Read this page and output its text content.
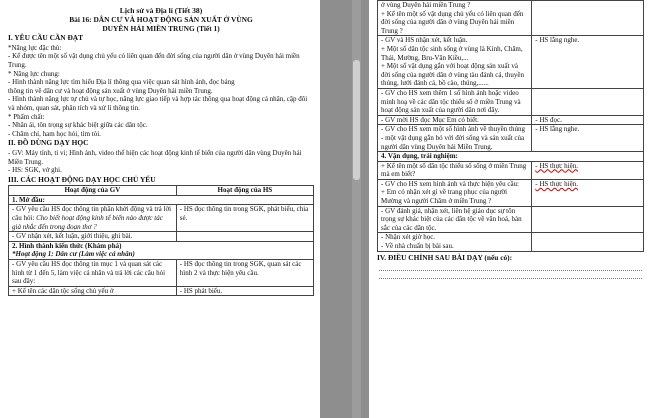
Lịch sử và Địa lí (Tiết 38)

Bài 16: DÂN CƯ VÀ HOẠT ĐỘNG SẢN XUẤT Ở VÙNG

DUYÊN HẢI MIỀN TRUNG (Tiết 1)

I. YÊU CẦU CẦN ĐẠT

*Năng lực đặc thù:

- Kể được tên một số vật dụng chủ yếu có liên quan đến đời sống của người dân ở vùng Duyên hải miền Trung.

* Năng lực chung:

- Hình thành năng lực tìm hiểu Địa lí thông qua việc quan sát hình ảnh, đọc bảng

thông tin về dân cư và hoạt động sản xuất ở vùng Duyên hải miền Trung.

- Hình thành năng lực tự chủ và tự học, năng lực giao tiếp và hợp tác thông qua hoạt động cá nhân, cặp đôi và nhóm, quan sát, phân tích và xử lí thông tin.

* Phẩm chất:

- Nhân ái, tôn trọng sự khác biệt giữa các dân tộc.

- Chăm chỉ, ham học hỏi, tìm tòi.

II. ĐỒ DÙNG DẠY HỌC

- GV: Máy tính, ti vi; Hình ảnh, video thể hiện các hoạt động kinh tế biển của người dân vùng Duyên hải Miền Trung.

- HS: SGK, vở ghi.

III. CÁC HOẠT ĐỘNG DẠY HỌC CHỦ YẾU

Hoạt động của GV	Hoạt động của HS
1. Mở đầu:	
- GV yêu cầu HS đọc thông tin phần khởi động và trả lời câu hỏi: Cho biết hoạt động kinh tế biển nào được tác giả nhắc đến trong đoạn thơ ?	- HS đọc thông tin trong SGK, phát biểu, chia sẻ.
- GV nhận xét, kết luận, giới thiệu, ghi bài.	

2. Hình thành kiến thức (Khám phá)
*Hoạt động 1: Dân cư (Làm việc cá nhân)	

- GV yêu cầu HS đọc thông tin mục 1 và quan sát các hình từ 1 đến 5, làm việc cá nhân và trả lời các câu hỏi sau đây:	- HS đọc thông tin trong SGK, quan sát các hình 2 và thực hiện yêu cầu.
+ Kể tên các dân tộc sống chủ yếu ở	- HS phát biểu.
ở vùng Duyên hải miền Trung ?
+ Kể tên một số vật dụng chủ yếu có liên quan đến đời sống của người dân ở vùng Duyên hải miền Trung ?	

- GV và HS nhận xét, kết luận.
+ Một số dân tộc sinh sống ở vùng là Kinh, Chăm, Thái, Mường, Bru-Vân Kiều,...
+ Một số vật dụng gắn với hoạt động sản xuất và đời sống của người dân ở vùng tàu đánh cá, thuyền thúng, lưới đánh cá, bồ cào, thúng,......	- HS lắng nghe.
- GV cho HS xem thêm 1 số hình ảnh hoặc video minh hoạ về các dân tộc thiểu số ở miền Trung và hoạt động sản xuất của người dân nơi đây.	
- GV mời HS đọc Mục Em có biết.	- HS đọc.
- GV cho HS xem một số hình ảnh về thuyền thúng - một vật dụng gắn bó với đời sống và sản xuất của người dân vùng Duyên hải Miền Trung.	- HS lắng nghe.
4. Vận dụng, trải nghiệm:	
+ Kể tên một số dân tộc thiểu số sống ở miền Trung mà em biết?	- HS thực hiện.

- GV cho HS xem hình ảnh và thực hiện yêu cầu:
+ Em có nhận xét gì về trang phục của người Mường và người Chăm ở miền Trung ?	- HS thực hiện.
- GV đánh giá, nhận xét, liên hệ giáo dục sự tôn trọng sự khác biệt của các dân tộc về văn hoá, bản sắc của các dân tộc.	

- Nhận xét giờ học.
- Về nhà chuẩn bị bài sau.	

IV. ĐIỀU CHỈNH SAU BÀI DẠY (nếu có):
